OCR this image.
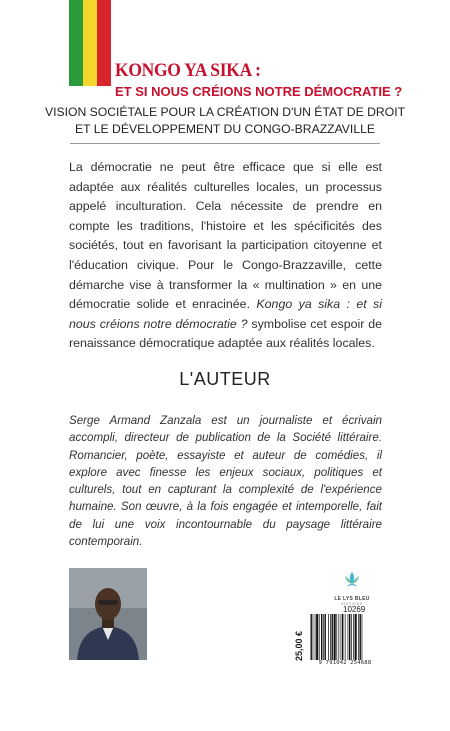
KONGO YA SIKA :
ET SI NOUS CRÉIONS NOTRE DÉMOCRATIE ?
VISION SOCIÉTALE POUR LA CRÉATION D'UN ÉTAT DE DROIT
ET LE DÉVELOPPEMENT DU CONGO-BRAZZAVILLE
La démocratie ne peut être efficace que si elle est adaptée aux réalités culturelles locales, un processus appelé inculturation. Cela nécessite de prendre en compte les traditions, l'histoire et les spécificités des sociétés, tout en favorisant la participation citoyenne et l'éducation civique. Pour le Congo-Brazzaville, cette démarche vise à transformer la « multination » en une démocratie solide et enracinée. Kongo ya sika : et si nous créions notre démocratie ? symbolise cet espoir de renaissance démocratique adaptée aux réalités locales.
L'AUTEUR
Serge Armand Zanzala est un journaliste et écrivain accompli, directeur de publication de la Société littéraire. Romancier, poète, essayiste et auteur de comédies, il explore avec finesse les enjeux sociaux, politiques et culturels, tout en capturant la complexité de l'expérience humaine. Son œuvre, à la fois engagée et intemporelle, fait de lui une voix incontournable du paysage littéraire contemporain.
LE LYS BLEU
ÉDITIONS
10269
25,00 €
9 791042 254688
